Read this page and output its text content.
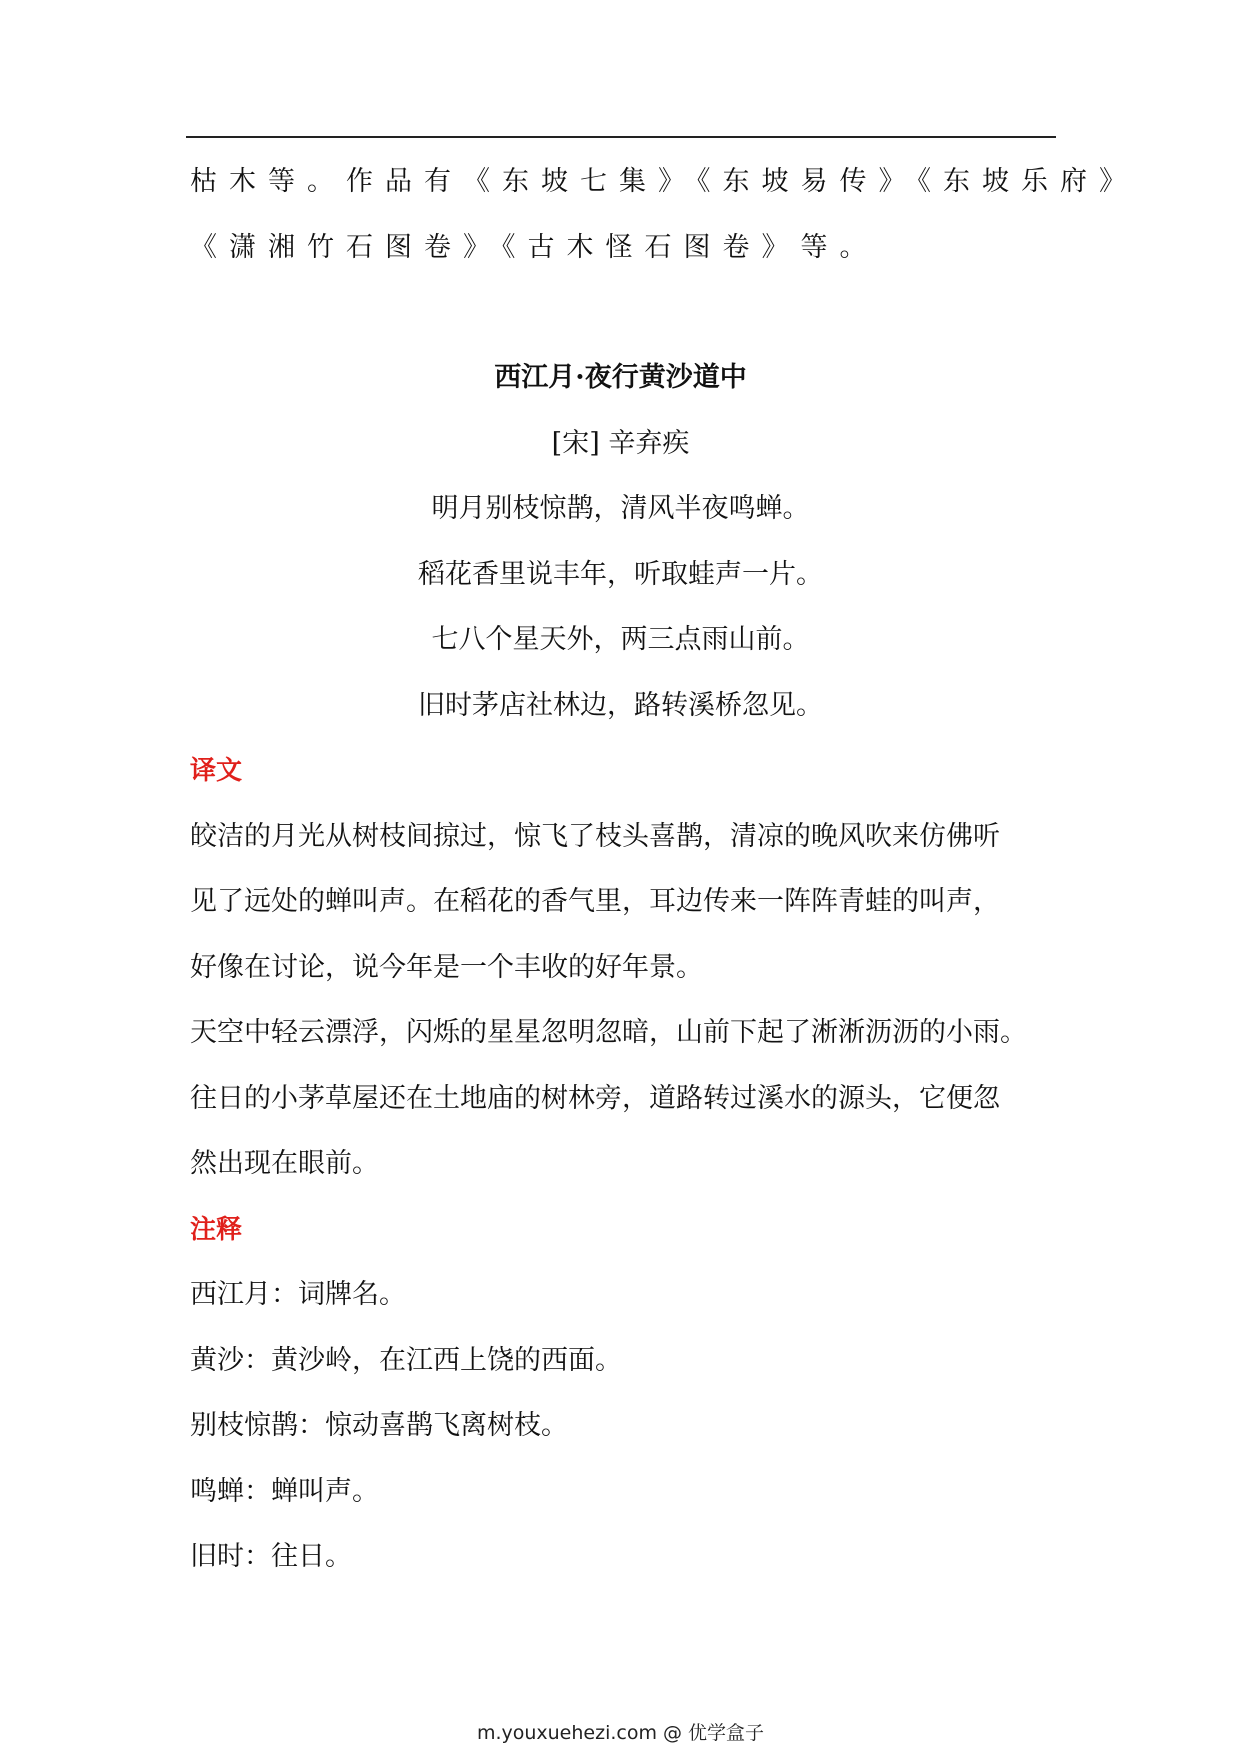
枯木等。作品有《东坡七集》《东坡易传》《东坡乐府》
《潇湘竹石图卷》《古木怪石图卷》等。
西江月·夜行黄沙道中
[宋] 辛弃疾
明月别枝惊鹊，清风半夜鸣蝉。
稻花香里说丰年，听取蛙声一片。
七八个星天外，两三点雨山前。
旧时茅店社林边，路转溪桥忽见。
译文
皎洁的月光从树枝间掠过，惊飞了枝头喜鹊，清凉的晚风吹来仿佛听
见了远处的蝉叫声。在稻花的香气里，耳边传来一阵阵青蛙的叫声，
好像在讨论，说今年是一个丰收的好年景。
天空中轻云漂浮，闪烁的星星忽明忽暗，山前下起了淅淅沥沥的小雨。
往日的小茅草屋还在土地庙的树林旁，道路转过溪水的源头，它便忽
然出现在眼前。
注释
西江月：词牌名。
黄沙：黄沙岭，在江西上饶的西面。
别枝惊鹊：惊动喜鹊飞离树枝。
鸣蝉：蝉叫声。
旧时：往日。
m.youxuehezi.com @ 优学盒子
